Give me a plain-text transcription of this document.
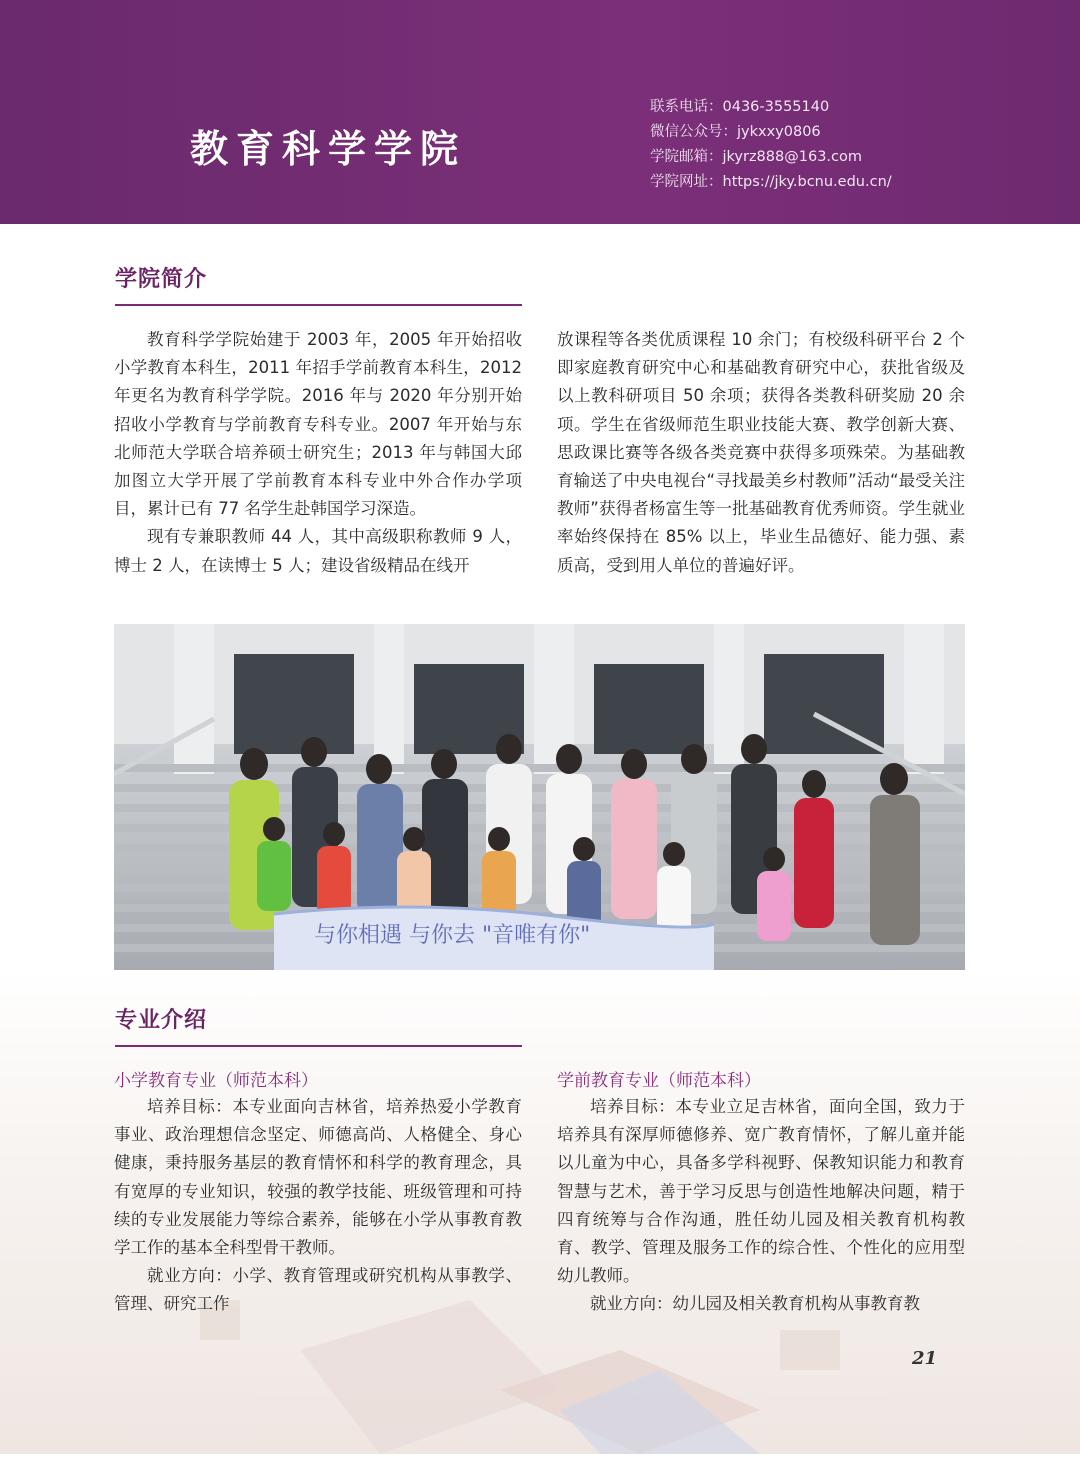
教育科学学院
联系电话：0436-3555140
微信公众号：jykxxy0806
学院邮箱：jkyrz888@163.com
学院网址：https://jky.bcnu.edu.cn/
学院简介

教育科学学院始建于 2003 年，2005 年开始招收小学教育本科生，2011 年招手学前教育本科生，2012 年更名为教育科学学院。2016 年与 2020 年分别开始招收小学教育与学前教育专科专业。2007 年开始与东北师范大学联合培养硕士研究生；2013 年与韩国大邱加图立大学开展了学前教育本科专业中外合作办学项目，累计已有 77 名学生赴韩国学习深造。

现有专兼职教师 44 人，其中高级职称教师 9 人，博士 2 人，在读博士 5 人；建设省级精品在线开

放课程等各类优质课程 10 余门；有校级科研平台 2 个即家庭教育研究中心和基础教育研究中心，获批省级及以上教科研项目 50 余项；获得各类教科研奖励 20 余项。学生在省级师范生职业技能大赛、教学创新大赛、思政课比赛等各级各类竞赛中获得多项殊荣。为基础教育输送了中央电视台“寻找最美乡村教师”活动“最受关注教师”获得者杨富生等一批基础教育优秀师资。学生就业率始终保持在 85% 以上，毕业生品德好、能力强、素质高，受到用人单位的普遍好评。

与你相遇 与你去 "音唯有你"
专业介绍
小学教育专业（师范本科）

培养目标：本专业面向吉林省，培养热爱小学教育事业、政治理想信念坚定、师德高尚、人格健全、身心健康，秉持服务基层的教育情怀和科学的教育理念，具有宽厚的专业知识，较强的教学技能、班级管理和可持续的专业发展能力等综合素养，能够在小学从事教育教学工作的基本全科型骨干教师。

就业方向：小学、教育管理或研究机构从事教学、管理、研究工作

学前教育专业（师范本科）

培养目标：本专业立足吉林省，面向全国，致力于培养具有深厚师德修养、宽广教育情怀，了解儿童并能以儿童为中心，具备多学科视野、保教知识能力和教育智慧与艺术，善于学习反思与创造性地解决问题，精于四育统筹与合作沟通，胜任幼儿园及相关教育机构教育、教学、管理及服务工作的综合性、个性化的应用型幼儿教师。

就业方向：幼儿园及相关教育机构从事教育教

21
